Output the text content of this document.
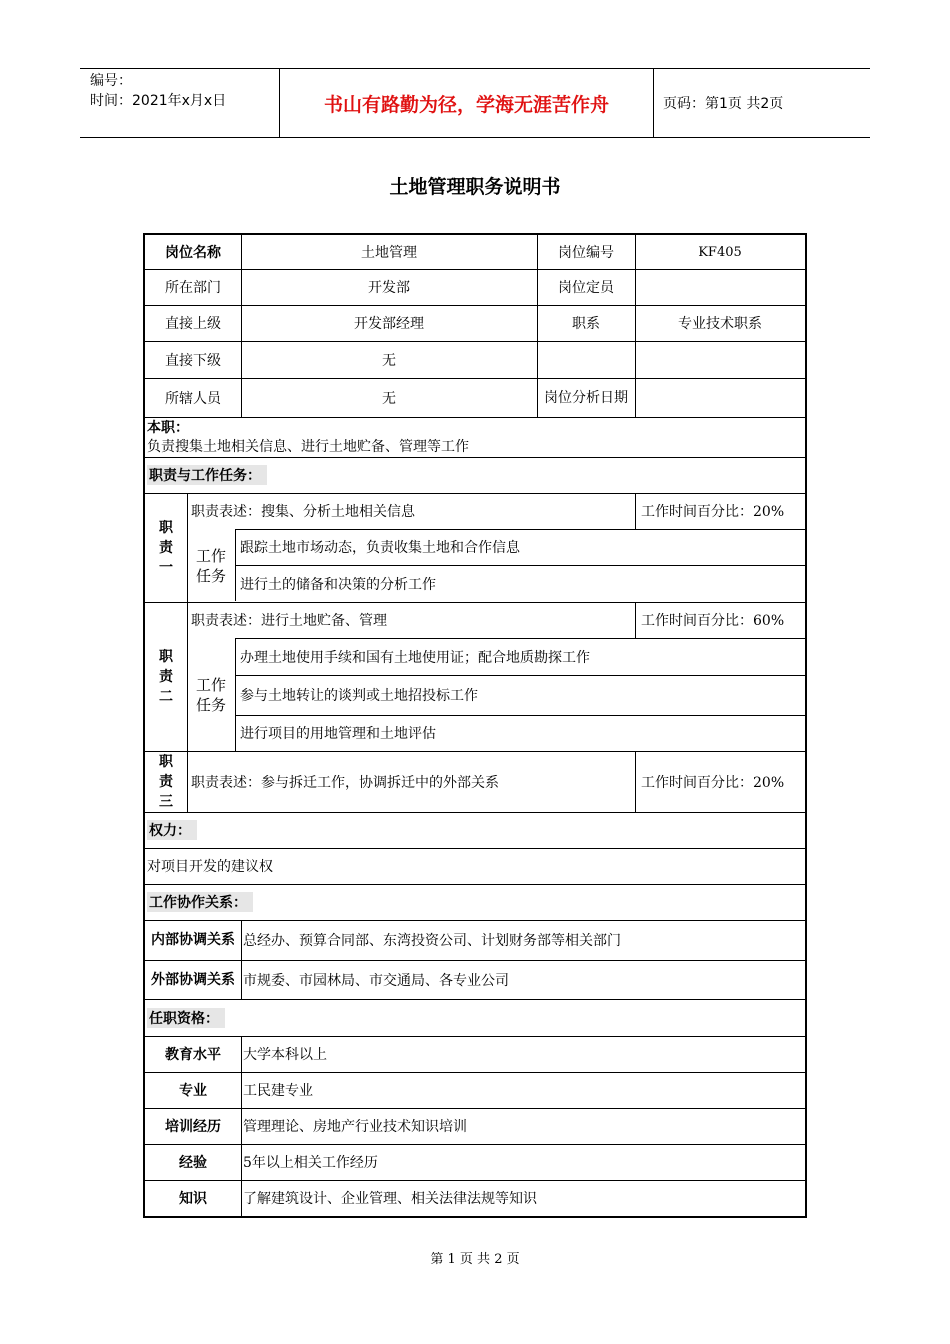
编号：
时间：2021年x月x日	书山有路勤为径，学海无涯苦作舟	页码：第1页 共2页
土地管理职务说明书
岗位名称	土地管理	岗位编号	KF405
所在部门	开发部	岗位定员
直接上级	开发部经理	职系	专业技术职系
直接下级	无
所辖人员	无	岗位分析日期
本职：
负责搜集土地相关信息、进行土地贮备、管理等工作
职责与工作任务：
职
责
一
职责表述：搜集、分析土地相关信息	工作时间百分比：20%
工作
任务
跟踪土地市场动态，负责收集土地和合作信息
进行土的储备和决策的分析工作
职
责
二
职责表述：进行土地贮备、管理	工作时间百分比：60%
工作
任务
办理土地使用手续和国有土地使用证；配合地质勘探工作
参与土地转让的谈判或土地招投标工作
进行项目的用地管理和土地评估
职
责
三
职责表述：参与拆迁工作，协调拆迁中的外部关系	工作时间百分比：20%
权力：
对项目开发的建议权
工作协作关系：
内部协调关系 总经办、预算合同部、东湾投资公司、计划财务部等相关部门
外部协调关系 市规委、市园林局、市交通局、各专业公司
任职资格：
教育水平	大学本科以上
专业	工民建专业
培训经历	管理理论、房地产行业技术知识培训
经验	5年以上相关工作经历
知识	了解建筑设计、企业管理、相关法律法规等知识
第 1 页 共 2 页
